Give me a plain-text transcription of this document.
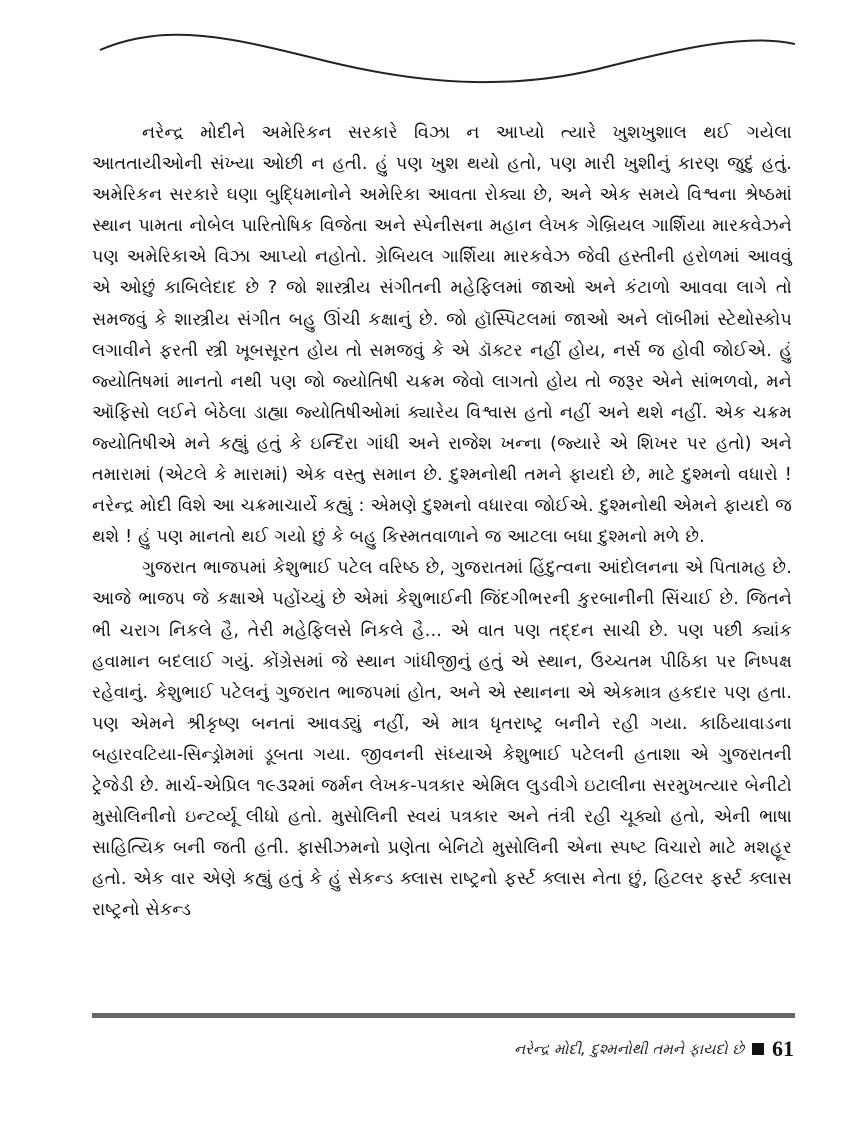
નરેન્દ્ર મોદીને અમેરિકન સરકારે વિઝા ન આપ્યો ત્યારે ખુશખુશાલ થઈ ગયેલા આતતાયીઓની સંખ્યા ઓછી ન હતી. હું પણ ખુશ થયો હતો, પણ મારી ખુશીનું કારણ જુદું હતું. અમેરિકન સરકારે ઘણા બુદ્ધિમાનોને અમેરિકા આવતા રોક્યા છે, અને એક સમયે વિશ્વના શ્રેષ્ઠમાં સ્થાન પામતા નોબેલ પારિતોષિક વિજેતા અને સ્પેનીસના મહાન લેખક ગેબ્રિયલ ગાર્શિયા મારકવેઝને પણ અમેરિકાએ વિઝા આપ્યો નહોતો. ગ્રેબિયલ ગાર્શિયા મારકવેઝ જેવી હસ્તીની હરોળમાં આવવું એ ઓછું કાબિલેદાદ છે ? જો શાસ્ત્રીય સંગીતની મહેફિલમાં જાઓ અને કંટાળો આવવા લાગે તો સમજવું કે શાસ્ત્રીય સંગીત બહુ ઊંચી કક્ષાનું છે. જો હૉસ્પિટલમાં જાઓ અને લૉબીમાં સ્ટેથોસ્કોપ લગાવીને ફરતી સ્ત્રી ખૂબસૂરત હોય તો સમજવું કે એ ડૉક્ટર નહીં હોય, નર્સ જ હોવી જોઈએ. હું જ્યોતિષમાં માનતો નથી પણ જો જ્યોતિષી ચક્રમ જેવો લાગતો હોય તો જરૂર એને સાંભળવો, મને ઑફિસો લઈને બેઠેલા ડાહ્યા જ્યોતિષીઓમાં ક્યારેય વિશ્વાસ હતો નહીં અને થશે નહીં. એક ચક્રમ જ્યોતિષીએ મને કહ્યું હતું કે ઇન્દિરા ગાંધી અને રાજેશ ખન્ના (જ્યારે એ શિખર પર હતો) અને તમારામાં (એટલે કે મારામાં) એક વસ્તુ સમાન છે. દુશ્મનોથી તમને ફાયદો છે, માટે દુશ્મનો વધારો ! નરેન્દ્ર મોદી વિશે આ ચક્રમાચાર્યે કહ્યું : એમણે દુશ્મનો વધારવા જોઈએ. દુશ્મનોથી એમને ફાયદો જ થશે ! હું પણ માનતો થઈ ગયો છું કે બહુ કિસ્મતવાળાને જ આટલા બધા દુશ્મનો મળે છે.

ગુજરાત ભાજપમાં કેશુભાઈ પટેલ વરિષ્ઠ છે, ગુજરાતમાં હિંદુત્વના આંદોલનના એ પિતામહ છે. આજે ભાજપ જે કક્ષાએ પહોંચ્યું છે એમાં કેશુભાઈની જિંદગીભરની કુરબાનીની સિંચાઈ છે. જિતને ભી ચરાગ નિકલે હૈ, તેરી મહેફિલસે નિકલે હૈ... એ વાત પણ તદ્દન સાચી છે. પણ પછી ક્યાંક હવામાન બદલાઈ ગયું. કોંગ્રેસમાં જે સ્થાન ગાંધીજીનું હતું એ સ્થાન, ઉચ્ચતમ પીઠિકા પર નિષ્પક્ષ રહેવાનું. કેશુભાઈ પટેલનું ગુજરાત ભાજપમાં હોત, અને એ સ્થાનના એ એકમાત્ર હકદાર પણ હતા. પણ એમને શ્રીકૃષ્ણ બનતાં આવડ્યું નહીં, એ માત્ર ધૃતરાષ્ટ્ર બનીને રહી ગયા. કાઠિયાવાડના બહારવટિયા-સિન્ડ્રોમમાં ડૂબતા ગયા. જીવનની સંધ્યાએ કેશુભાઈ પટેલની હતાશા એ ગુજરાતની ટ્રેજેડી છે. માર્ચ-એપ્રિલ ૧૯૩૨માં જર્મન લેખક-પત્રકાર એમિલ લુડવીગે ઇટાલીના સરમુખત્યાર બેનીટો મુસોલિનીનો ઇન્ટર્વ્યૂ લીધો હતો. મુસોલિની સ્વયં પત્રકાર અને તંત્રી રહી ચૂક્યો હતો, એની ભાષા સાહિત્યિક બની જતી હતી. ફાસીઝમનો પ્રણેતા બેનિટો મુસોલિની એના સ્પષ્ટ વિચારો માટે મશહૂર હતો. એક વાર એણે કહ્યું હતું કે હું સેકન્ડ ક્લાસ રાષ્ટ્રનો ફર્સ્ટ ક્લાસ નેતા છું, હિટલર ફર્સ્ટ ક્લાસ રાષ્ટ્રનો સેકન્ડ

નરેન્દ્ર મોદી, દુશ્મનોથી તમને ફાયદો છે 61
